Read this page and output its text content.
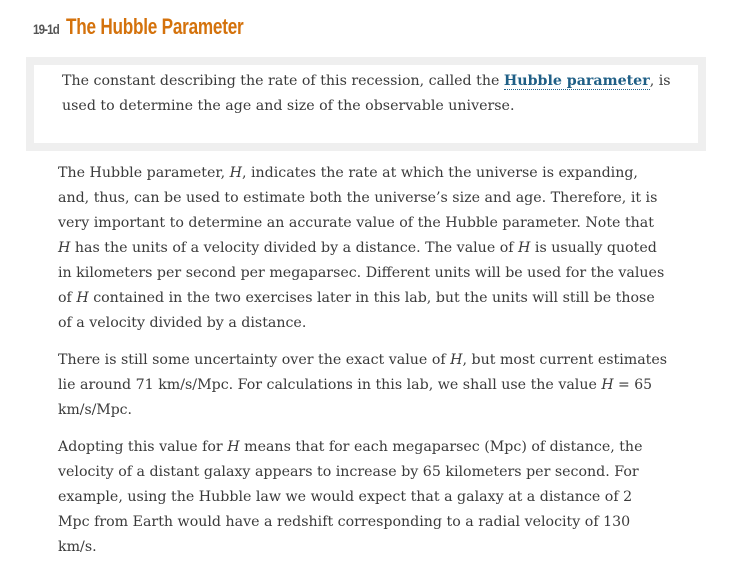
19-1d The Hubble Parameter

The constant describing the rate of this recession, called the Hubble parameter, is used to determine the age and size of the observable universe.

The Hubble parameter, H, indicates the rate at which the universe is expanding, and, thus, can be used to estimate both the universe’s size and age. Therefore, it is very important to determine an accurate value of the Hubble parameter. Note that H has the units of a velocity divided by a distance. The value of H is usually quoted in kilometers per second per megaparsec. Different units will be used for the values of H contained in the two exercises later in this lab, but the units will still be those of a velocity divided by a distance.

There is still some uncertainty over the exact value of H, but most current estimates lie around 71 km/s/Mpc. For calculations in this lab, we shall use the value H = 65 km/s/Mpc.

Adopting this value for H means that for each megaparsec (Mpc) of distance, the velocity of a distant galaxy appears to increase by 65 kilometers per second. For example, using the Hubble law we would expect that a galaxy at a distance of 2 Mpc from Earth would have a redshift corresponding to a radial velocity of 130 km/s.
